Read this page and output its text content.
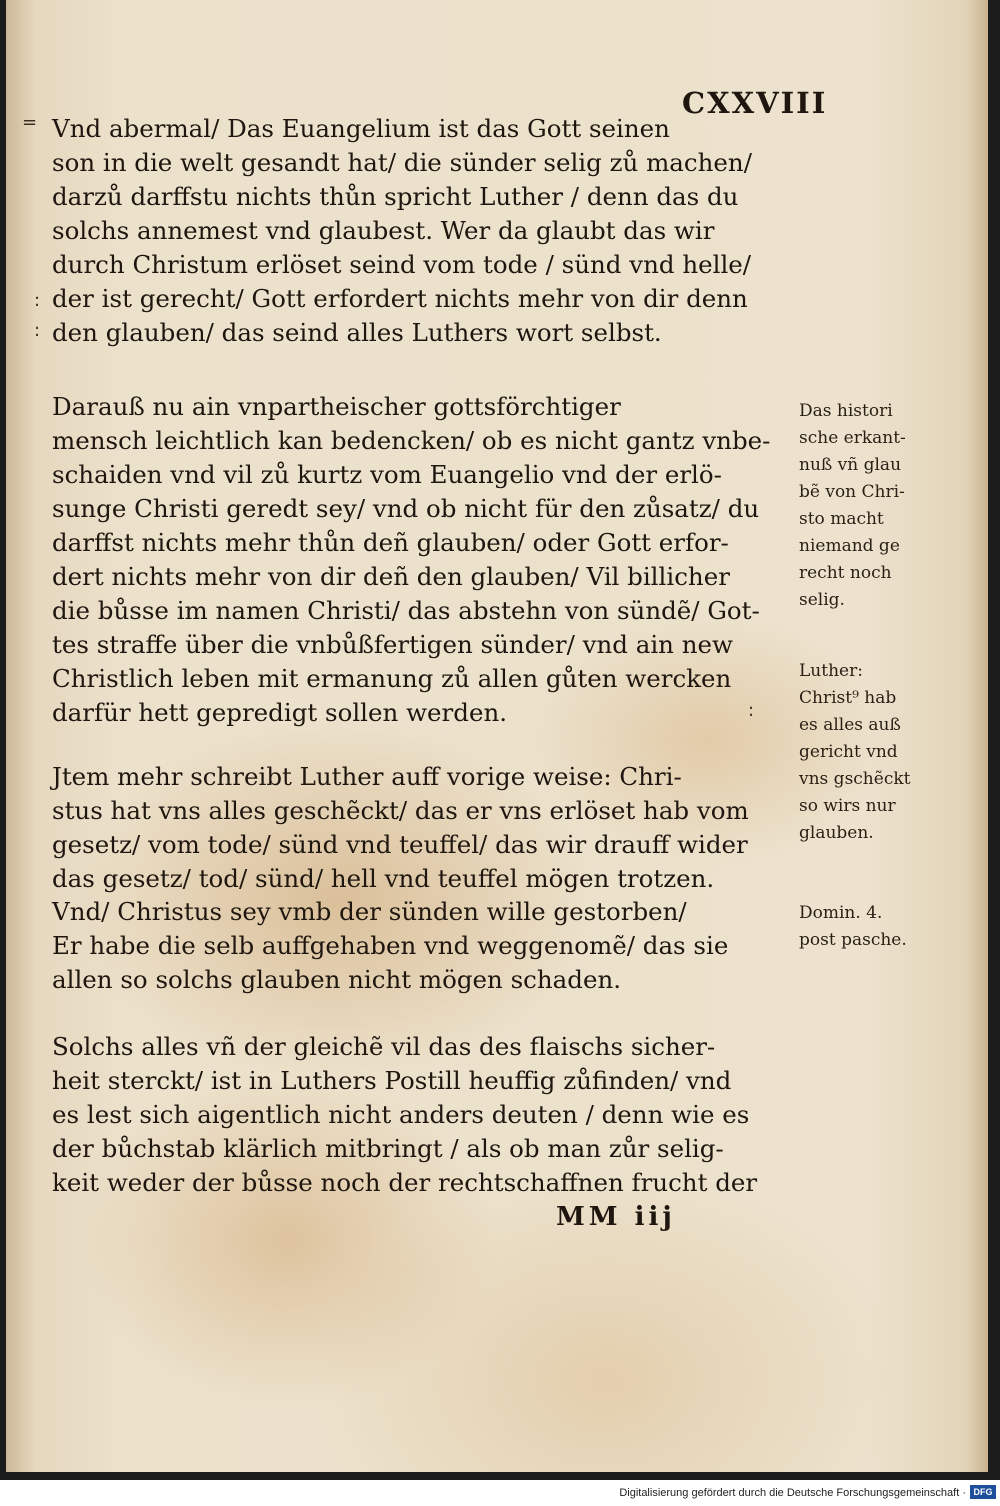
CXXVIII
=
:
:
:
Vnd abermal/ Das Euangelium ist das Gott seinen
son in die welt gesandt hat/ die sünder selig zů machen/
darzů darffstu nichts thůn spricht Luther / denn das du
solchs annemest vnd glaubest. Wer da glaubt das wir
durch Christum erlöset seind vom tode / sünd vnd helle/
der ist gerecht/ Gott erfordert nichts mehr von dir denn
den glauben/ das seind alles Luthers wort selbst.
Darauß nu ain vnpartheischer gottsförchtiger
mensch leichtlich kan bedencken/ ob es nicht gantz vnbe-
schaiden vnd vil zů kurtz vom Euangelio vnd der erlö-
sunge Christi geredt sey/ vnd ob nicht für den zůsatz/ du
darffst nichts mehr thůn deñ glauben/ oder Gott erfor-
dert nichts mehr von dir deñ den glauben/ Vil billicher
die bůsse im namen Christi/ das abstehn von sündẽ/ Got-
tes straffe über die vnbůßfertigen sünder/ vnd ain new
Christlich leben mit ermanung zů allen gůten wercken
darfür hett gepredigt sollen werden.
Jtem mehr schreibt Luther auff vorige weise: Chri-
stus hat vns alles geschẽckt/ das er vns erlöset hab vom
gesetz/ vom tode/ sünd vnd teuffel/ das wir drauff wider
das gesetz/ tod/ sünd/ hell vnd teuffel mögen trotzen.
Vnd/ Christus sey vmb der sünden wille gestorben/
Er habe die selb auffgehaben vnd weggenomẽ/ das sie
allen so solchs glauben nicht mögen schaden.
Solchs alles vñ der gleichẽ vil das des flaischs sicher-
heit sterckt/ ist in Luthers Postill heuffig zůfinden/ vnd
es lest sich aigentlich nicht anders deuten / denn wie es
der bůchstab klärlich mitbringt / als ob man zůr selig-
keit weder der bůsse noch der rechtschaffnen frucht der
Das histori
sche erkant-
nuß vñ glau
bẽ von Chri-
sto macht
niemand ge
recht noch
selig.
Luther:
Christ⁹ hab
es alles auß
gericht vnd
vns gschẽckt
so wirs nur
glauben.
Domin. 4.
post pasche.
MM iij
Digitalisierung gefördert durch die Deutsche Forschungsgemeinschaft · DFG
